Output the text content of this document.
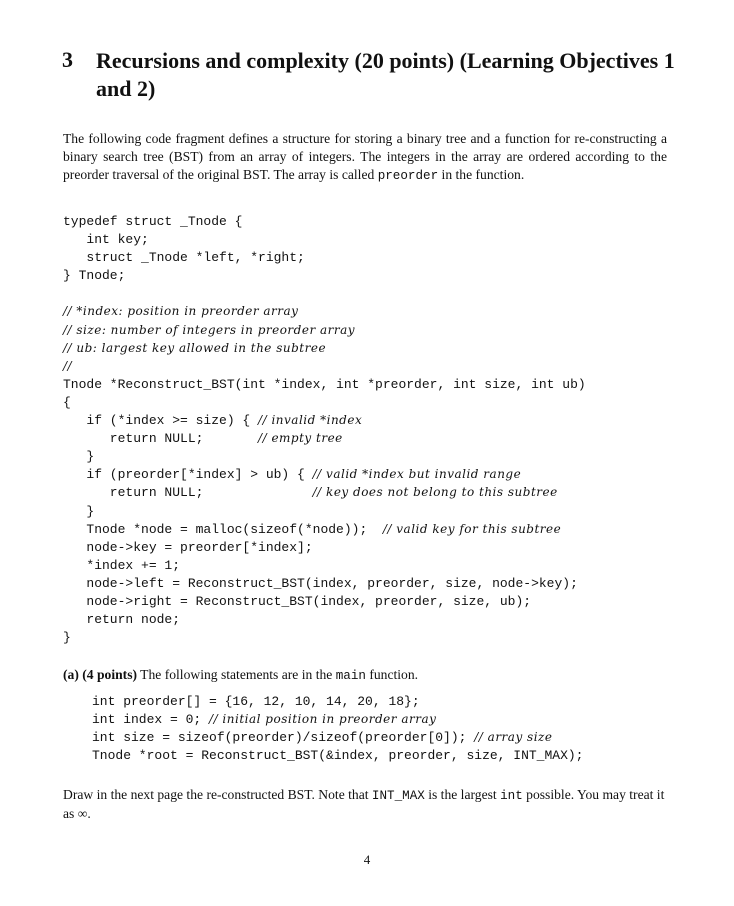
3 Recursions and complexity (20 points) (Learning Objectives 1 and 2)
The following code fragment defines a structure for storing a binary tree and a function for re-constructing a binary search tree (BST) from an array of integers. The integers in the array are ordered according to the preorder traversal of the original BST. The array is called preorder in the function.
typedef struct _Tnode {
int key;
struct _Tnode *left, *right;
} Tnode;
// *index: position in preorder array
// size: number of integers in preorder array
// ub: largest key allowed in the subtree
//
Tnode *Reconstruct_BST(int *index, int *preorder, int size, int ub)
{
if (*index >= size) { // invalid *index
return NULL;       // empty tree
}
if (preorder[*index] > ub) { // valid *index but invalid range
return NULL;              // key does not belong to this subtree
}
Tnode *node = malloc(sizeof(*node));  // valid key for this subtree
node->key = preorder[*index];
*index += 1;
node->left = Reconstruct_BST(index, preorder, size, node->key);
node->right = Reconstruct_BST(index, preorder, size, ub);
return node;
}
(a) (4 points) The following statements are in the main function.
int preorder[] = {16, 12, 10, 14, 20, 18};
int index = 0; // initial position in preorder array
int size = sizeof(preorder)/sizeof(preorder[0]); // array size
Tnode *root = Reconstruct_BST(&index, preorder, size, INT_MAX);
Draw in the next page the re-constructed BST. Note that INT_MAX is the largest int possible. You may treat it as ∞.
4
